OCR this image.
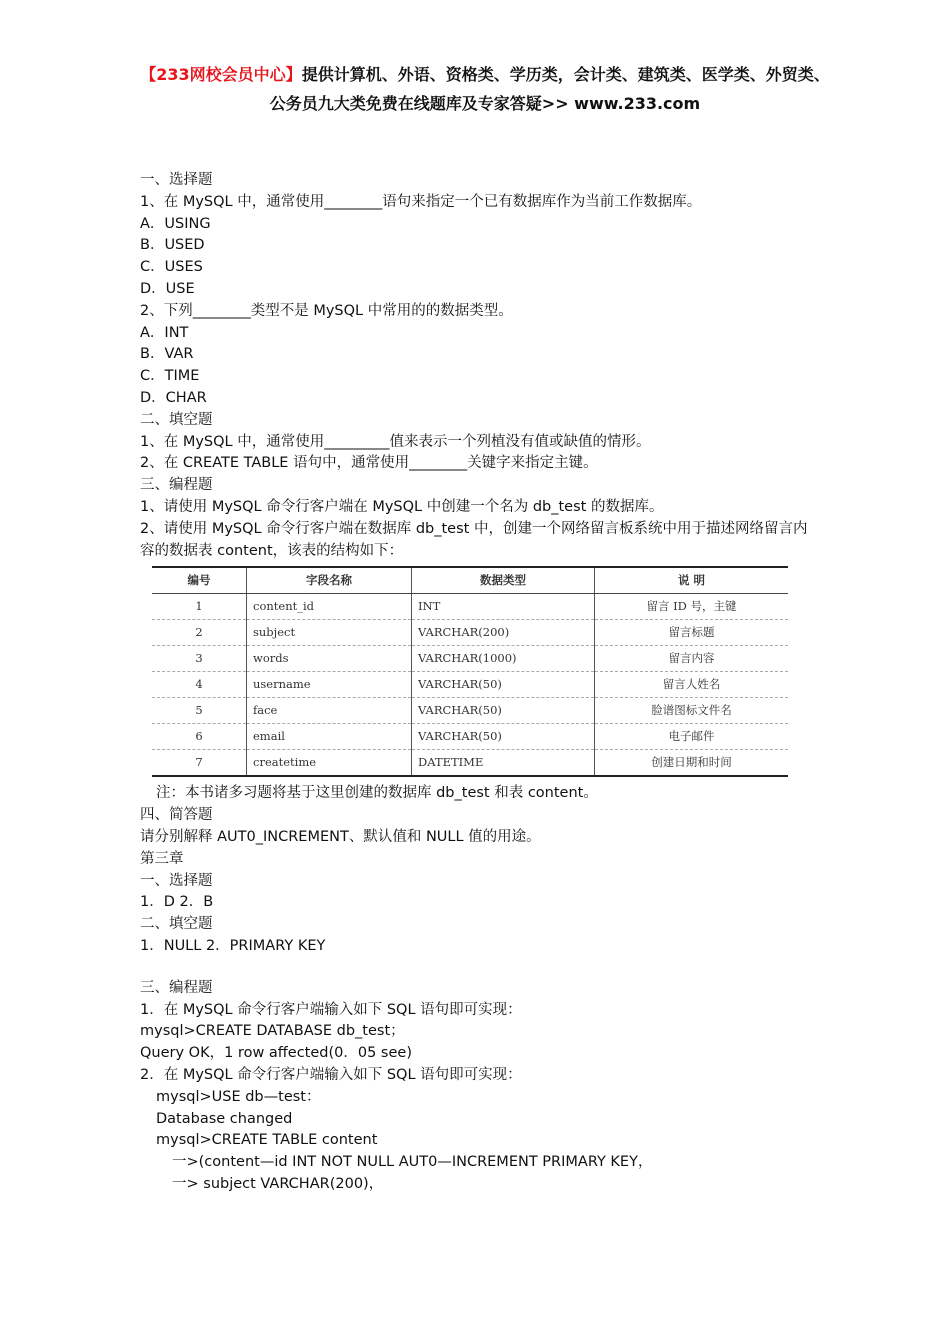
【233网校会员中心】提供计算机、外语、资格类、学历类，会计类、建筑类、医学类、外贸类、公务员九大类免费在线题库及专家答疑>> www.233.com
一、选择题
1、在 MySQL 中，通常使用________语句来指定一个已有数据库作为当前工作数据库。
A．USING
B．USED
C．USES
D．USE
2、下列________类型不是 MySQL 中常用的的数据类型。
A．INT
B．VAR
C．TIME
D．CHAR
二、填空题
1、在 MySQL 中，通常使用_________值来表示一个列植没有值或缺值的情形。
2、在 CREATE TABLE 语句中，通常使用________关键字来指定主键。
三、编程题
1、请使用 MySQL 命令行客户端在 MySQL 中创建一个名为 db_test 的数据库。
2、请使用 MySQL 命令行客户端在数据库 db_test 中，创建一个网络留言板系统中用于描述网络留言内容的数据表 content，该表的结构如下：
编号	字段名称	数据类型	说 明
1	content_id	INT	留言 ID 号，主键
2	subject	VARCHAR(200)	留言标题
3	words	VARCHAR(1000)	留言内容
4	username	VARCHAR(50)	留言人姓名
5	face	VARCHAR(50)	脸谱图标文件名
6	email	VARCHAR(50)	电子邮件
7	createtime	DATETIME	创建日期和时间
注：本书诸多习题将基于这里创建的数据库 db_test 和表 content。
四、简答题
请分别解释 AUT0_INCREMENT、默认值和 NULL 值的用途。
第三章
一、选择题
1．D 2．B
二、填空题
1．NULL 2．PRIMARY KEY
三、编程题
1．在 MySQL 命令行客户端输入如下 SQL 语句即可实现：
mysql>CREATE DATABASE db_test；
Query OK，1 row affected(0．05 see)
2．在 MySQL 命令行客户端输入如下 SQL 语句即可实现：
mysql>USE db—test：
Database changed
mysql>CREATE TABLE content
一>(content—id INT NOT NULL AUT0—INCREMENT PRIMARY KEY，
一> subject VARCHAR(200)，
